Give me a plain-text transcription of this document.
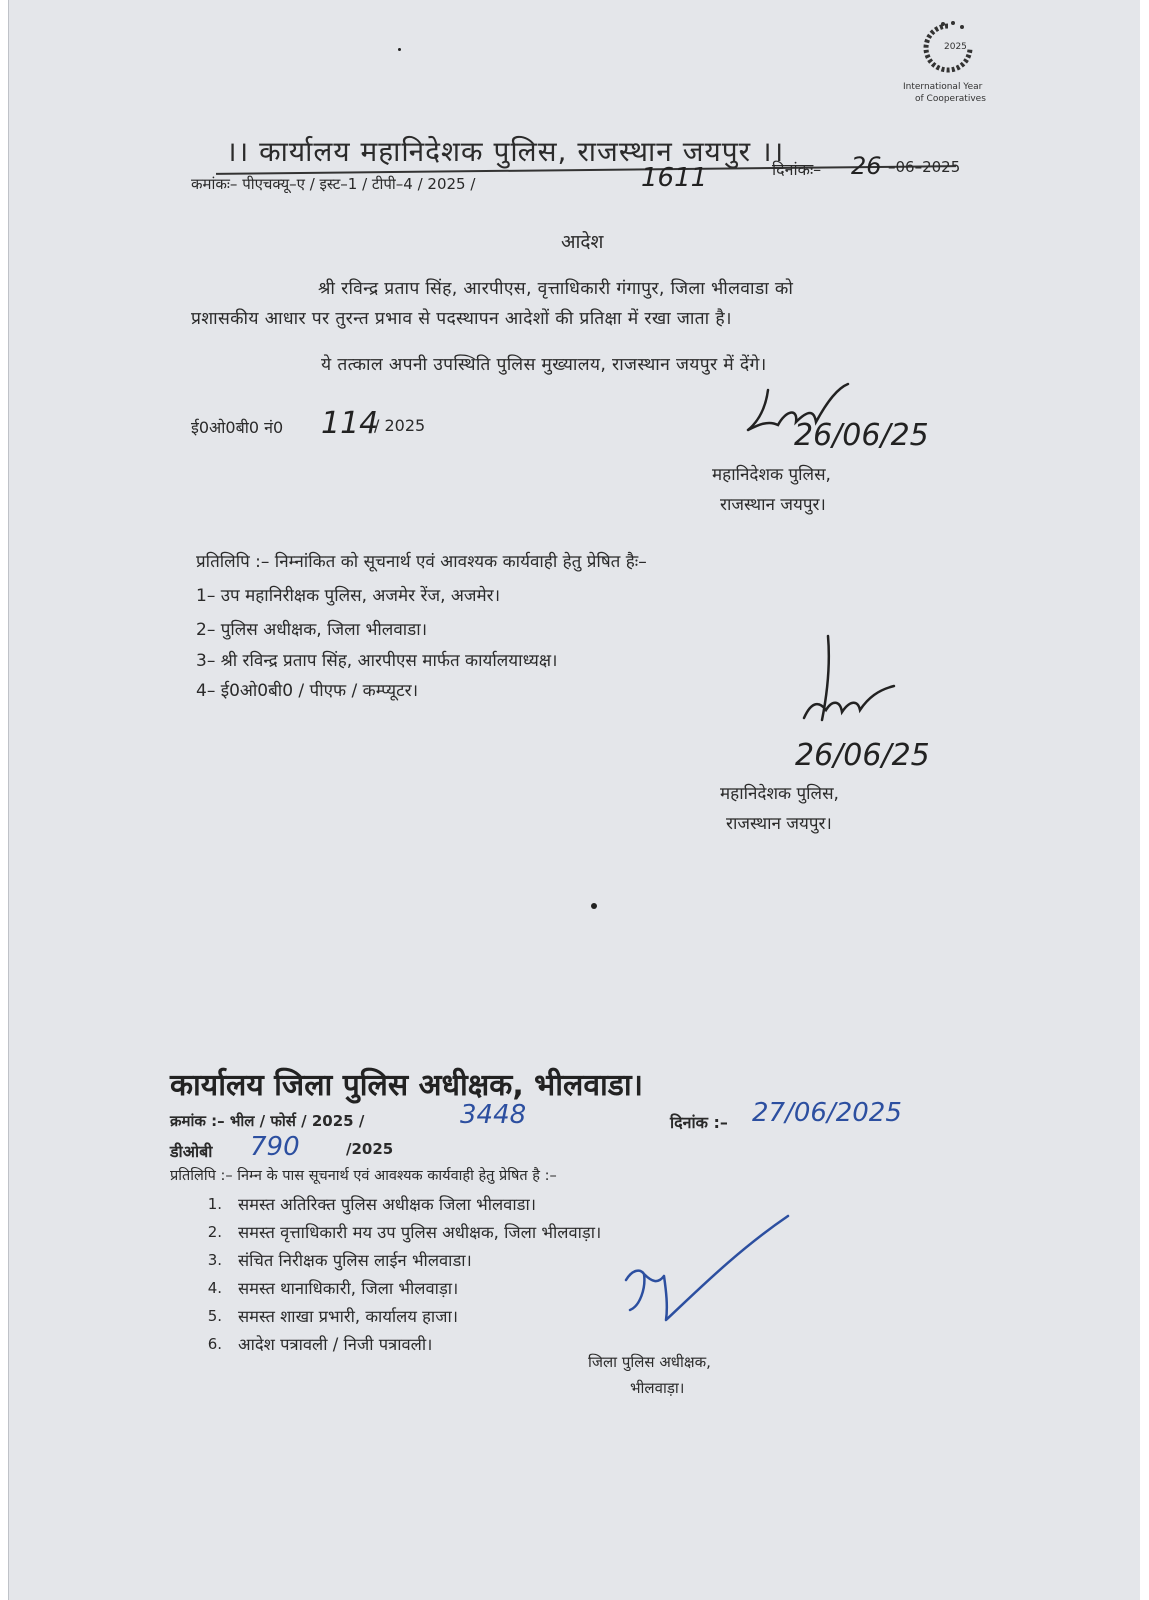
2025
International Year
of Cooperatives
।। कार्यालय महानिदेशक पुलिस, राजस्थान जयपुर ।।
कमांकः– पीएचक्यू–ए / इस्ट–1 / टीपी–4 / 2025 /	1611	दिनांकः– 26 –06–2025
आदेश
श्री रविन्द्र प्रताप सिंह, आरपीएस, वृत्ताधिकारी गंगापुर, जिला भीलवाडा को
प्रशासकीय आधार पर तुरन्त प्रभाव से पदस्थापन आदेशों की प्रतिक्षा में रखा जाता है।
ये तत्काल अपनी उपस्थिति पुलिस मुख्यालय, राजस्थान जयपुर में देंगे।
ई0ओ0बी0 नं0 114
/ 2025	26/06/25
महानिदेशक पुलिस,
राजस्थान जयपुर।
प्रतिलिपि :– निम्नांकित को सूचनार्थ एवं आवश्यक कार्यवाही हेतु प्रेषित हैः–
1– उप महानिरीक्षक पुलिस, अजमेर रेंज, अजमेर।
2– पुलिस अधीक्षक, जिला भीलवाडा।
3– श्री रविन्द्र प्रताप सिंह, आरपीएस मार्फत कार्यालयाध्यक्ष।
4– ई0ओ0बी0 / पीएफ / कम्प्यूटर।
26/06/25
महानिदेशक पुलिस,
राजस्थान जयपुर।
कार्यालय जिला पुलिस अधीक्षक, भीलवाडा।
क्रमांक :– भील / फोर्स / 2025 /	3448	दिनांक :– 27/06/2025
डीओबी 790	/2025
प्रतिलिपि :– निम्न के पास सूचनार्थ एवं आवश्यक कार्यवाही हेतु प्रेषित है :–
1. समस्त अतिरिक्त पुलिस अधीक्षक जिला भीलवाडा।
2. समस्त वृत्ताधिकारी मय उप पुलिस अधीक्षक, जिला भीलवाड़ा।
3. संचित निरीक्षक पुलिस लाईन भीलवाडा।
4. समस्त थानाधिकारी, जिला भीलवाड़ा।
5. समस्त शाखा प्रभारी, कार्यालय हाजा।
6. आदेश पत्रावली / निजी पत्रावली।
जिला पुलिस अधीक्षक,
भीलवाड़ा।
